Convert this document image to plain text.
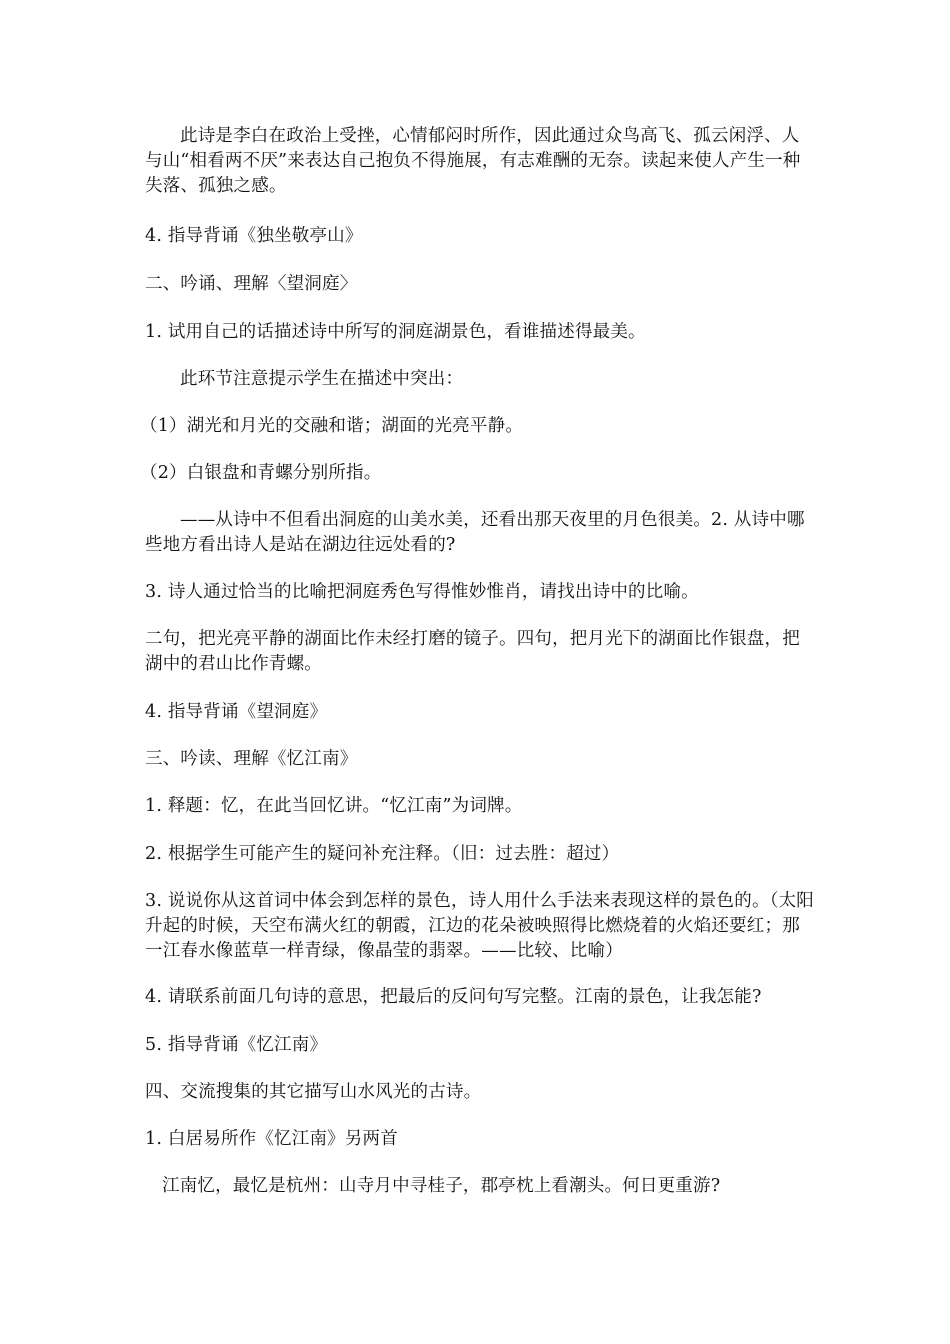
此诗是李白在政治上受挫，心情郁闷时所作，因此通过众鸟高飞、孤云闲浮、人与山“相看两不厌”来表达自己抱负不得施展，有志难酬的无奈。读起来使人产生一种失落、孤独之感。

4. 指导背诵《独坐敬亭山》

二、吟诵、理解〈望洞庭〉

1. 试用自己的话描述诗中所写的洞庭湖景色，看谁描述得最美。

此环节注意提示学生在描述中突出：

（1）湖光和月光的交融和谐；湖面的光亮平静。

（2）白银盘和青螺分别所指。

——从诗中不但看出洞庭的山美水美，还看出那天夜里的月色很美。2. 从诗中哪些地方看出诗人是站在湖边往远处看的?

3. 诗人通过恰当的比喻把洞庭秀色写得惟妙惟肖，请找出诗中的比喻。

二句，把光亮平静的湖面比作未经打磨的镜子。四句，把月光下的湖面比作银盘，把湖中的君山比作青螺。

4. 指导背诵《望洞庭》

三、吟读、理解《忆江南》

1. 释题：忆，在此当回忆讲。“忆江南”为词牌。

2. 根据学生可能产生的疑问补充注释。（旧：过去胜：超过）

3. 说说你从这首词中体会到怎样的景色，诗人用什么手法来表现这样的景色的。（太阳升起的时候，天空布满火红的朝霞，江边的花朵被映照得比燃烧着的火焰还要红；那一江春水像蓝草一样青绿，像晶莹的翡翠。——比较、比喻）

4. 请联系前面几句诗的意思，把最后的反问句写完整。江南的景色，让我怎能?

5. 指导背诵《忆江南》

四、交流搜集的其它描写山水风光的古诗。

1. 白居易所作《忆江南》另两首

江南忆，最忆是杭州：山寺月中寻桂子，郡亭枕上看潮头。何日更重游?
